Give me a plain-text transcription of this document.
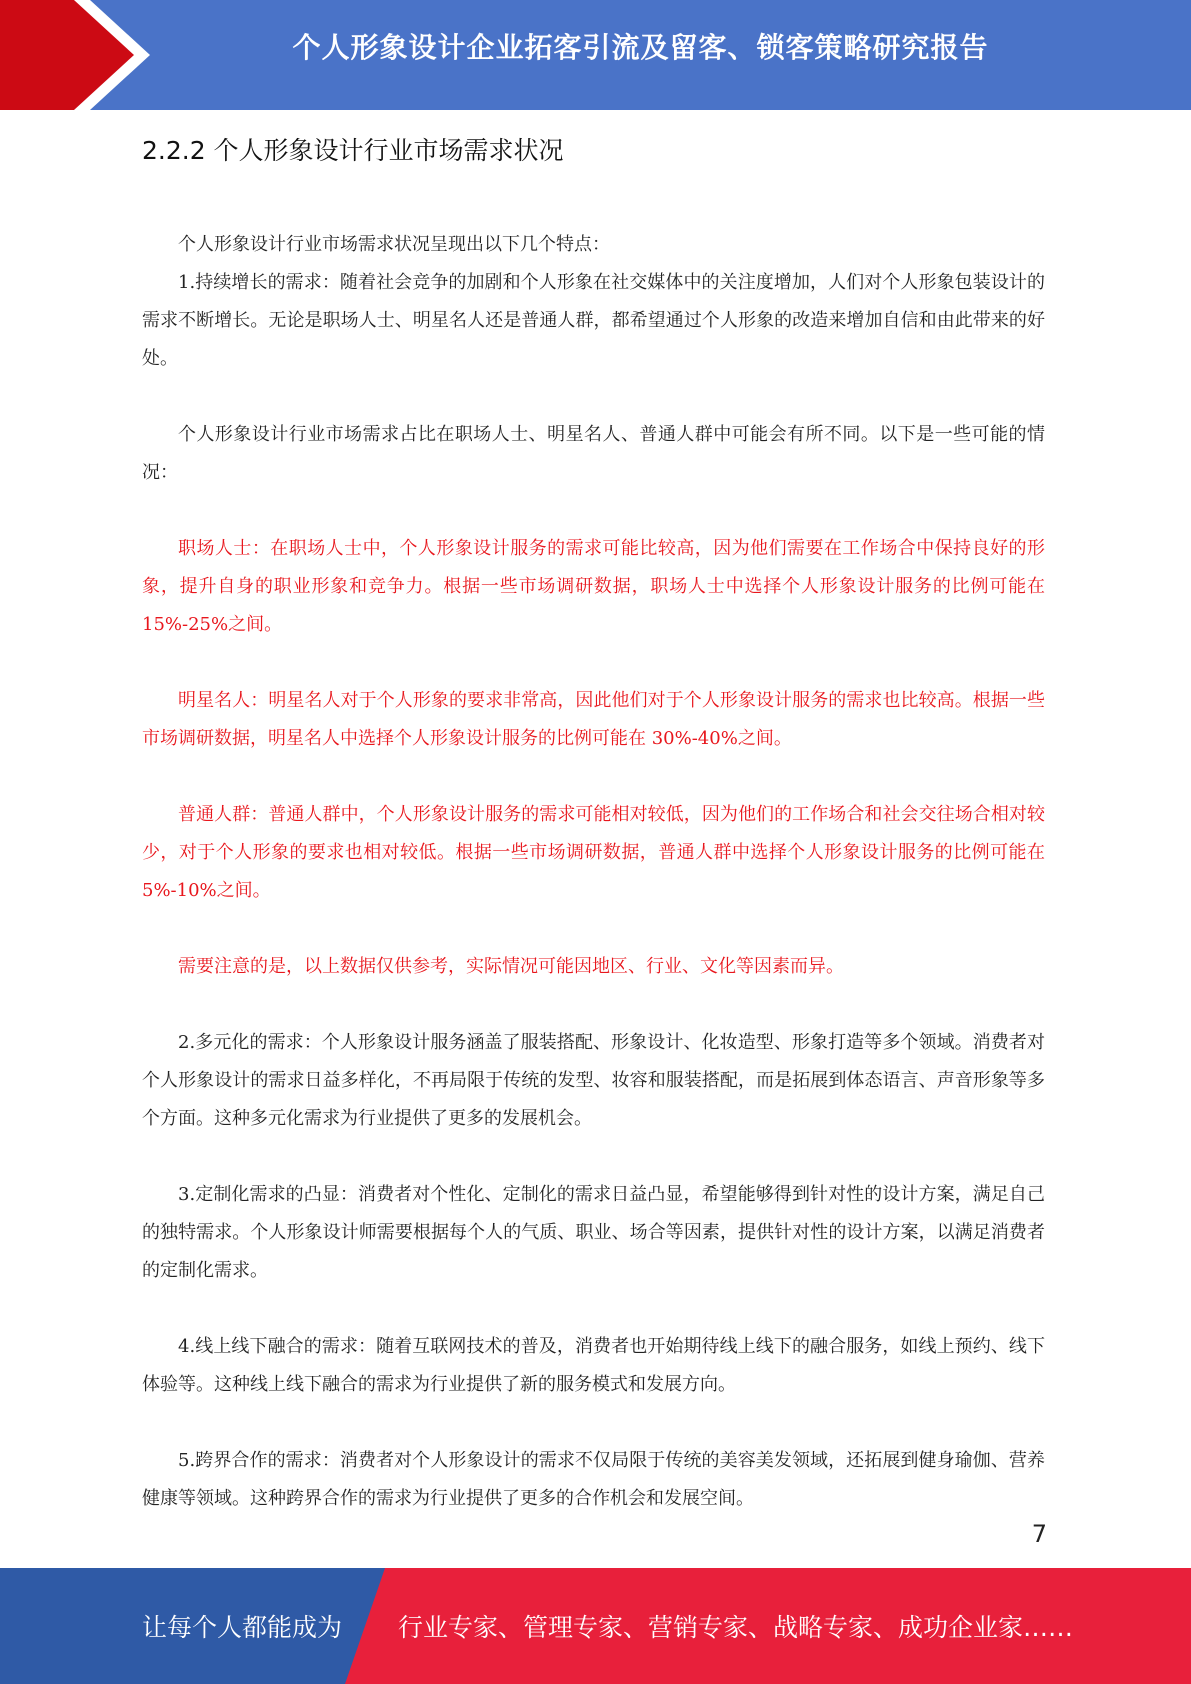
个人形象设计企业拓客引流及留客、锁客策略研究报告
2.2.2 个人形象设计行业市场需求状况

个人形象设计行业市场需求状况呈现出以下几个特点：

1.持续增长的需求：随着社会竞争的加剧和个人形象在社交媒体中的关注度增加，人们对个人形象包装设计的需求不断增长。无论是职场人士、明星名人还是普通人群，都希望通过个人形象的改造来增加自信和由此带来的好处。

个人形象设计行业市场需求占比在职场人士、明星名人、普通人群中可能会有所不同。以下是一些可能的情况：

职场人士：在职场人士中，个人形象设计服务的需求可能比较高，因为他们需要在工作场合中保持良好的形象，提升自身的职业形象和竞争力。根据一些市场调研数据，职场人士中选择个人形象设计服务的比例可能在 15%-25%之间。

明星名人：明星名人对于个人形象的要求非常高，因此他们对于个人形象设计服务的需求也比较高。根据一些市场调研数据，明星名人中选择个人形象设计服务的比例可能在 30%-40%之间。

普通人群：普通人群中，个人形象设计服务的需求可能相对较低，因为他们的工作场合和社会交往场合相对较少，对于个人形象的要求也相对较低。根据一些市场调研数据，普通人群中选择个人形象设计服务的比例可能在 5%-10%之间。

需要注意的是，以上数据仅供参考，实际情况可能因地区、行业、文化等因素而异。

2.多元化的需求：个人形象设计服务涵盖了服装搭配、形象设计、化妆造型、形象打造等多个领域。消费者对个人形象设计的需求日益多样化，不再局限于传统的发型、妆容和服装搭配，而是拓展到体态语言、声音形象等多个方面。这种多元化需求为行业提供了更多的发展机会。

3.定制化需求的凸显：消费者对个性化、定制化的需求日益凸显，希望能够得到针对性的设计方案，满足自己的独特需求。个人形象设计师需要根据每个人的气质、职业、场合等因素，提供针对性的设计方案，以满足消费者的定制化需求。

4.线上线下融合的需求：随着互联网技术的普及，消费者也开始期待线上线下的融合服务，如线上预约、线下体验等。这种线上线下融合的需求为行业提供了新的服务模式和发展方向。

5.跨界合作的需求：消费者对个人形象设计的需求不仅局限于传统的美容美发领域，还拓展到健身瑜伽、营养健康等领域。这种跨界合作的需求为行业提供了更多的合作机会和发展空间。

7
让每个人都能成为 行业专家、管理专家、营销专家、战略专家、成功企业家……
